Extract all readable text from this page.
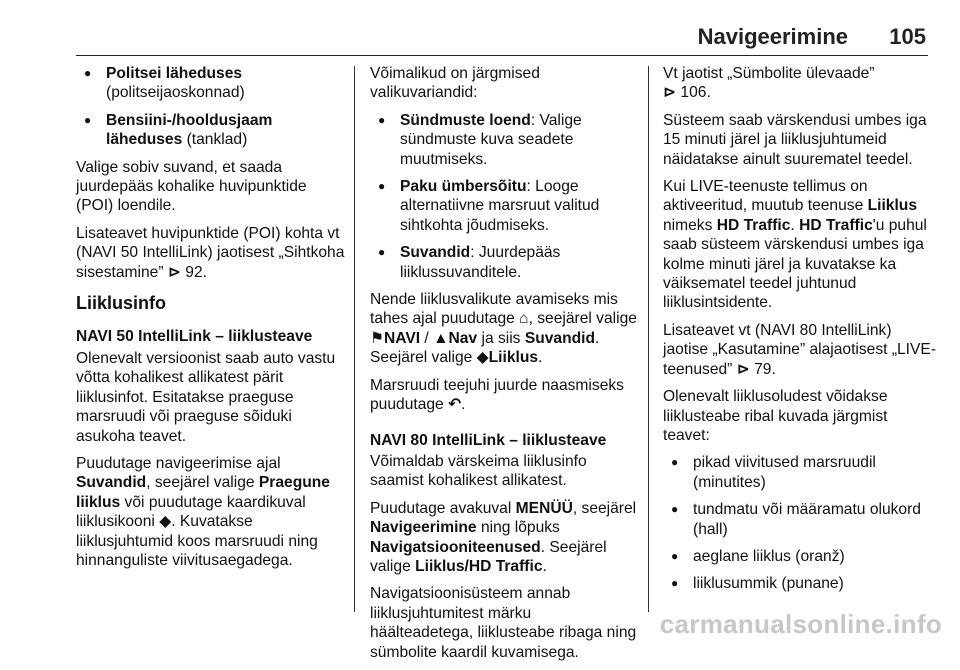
Navigeerimine 105
● Politsei läheduses
(politseijaoskonnad)
● Bensiini-/hooldusjaam läheduses (tanklad)

Valige sobiv suvand, et saada juurdepääs kohalike huvipunktide (POI) loendile.

Lisateavet huvipunktide (POI) kohta vt (NAVI 50 IntelliLink) jaotisest „Sihtkoha sisestamine” ⊳ 92.

Liiklusinfo
NAVI 50 IntelliLink – liiklusteave

Olenevalt versioonist saab auto vastu võtta kohalikest allikatest pärit liiklusinfot. Esitatakse praeguse marsruudi või praeguse sõiduki asukoha teavet.

Puudutage navigeerimise ajal Suvandid, seejärel valige Praegune liiklus või puudutage kaardikuval liiklusikooni ◆. Kuvatakse liiklusjuhtumid koos marsruudi ning hinnanguliste viivitusaegadega.

Võimalikud on järgmised valikuvariandid:

● Sündmuste loend: Valige sündmuste kuva seadete muutmiseks.
● Paku ümbersõitu: Looge alternatiivne marsruut valitud sihtkohta jõudmiseks.
● Suvandid: Juurdepääs liiklussuvanditele.

Nende liiklusvalikute avamiseks mis tahes ajal puudutage ⌂, seejärel valige ⚑NAVI / ▲Nav ja siis Suvandid. Seejärel valige ◆Liiklus.

Marsruudi teejuhi juurde naasmiseks puudutage ↶.

NAVI 80 IntelliLink – liiklusteave

Võimaldab värskeima liiklusinfo saamist kohalikest allikatest.

Puudutage avakuval MENÜÜ, seejärel Navigeerimine ning lõpuks Navigatsiooniteenused. Seejärel valige Liiklus/HD Traffic.

Navigatsioonisüsteem annab liiklusjuhtumitest märku häälteadetega, liiklusteabe ribaga ning sümbolite kaardil kuvamisega.

Vt jaotist „Sümbolite ülevaade”
⊳ 106.

Süsteem saab värskendusi umbes iga 15 minuti järel ja liiklusjuhtumeid näidatakse ainult suurematel teedel.

Kui LIVE-teenuste tellimus on aktiveeritud, muutub teenuse Liiklus nimeks HD Traffic. HD Traffic'u puhul saab süsteem värskendusi umbes iga kolme minuti järel ja kuvatakse ka väiksematel teedel juhtunud liiklusintsidente.

Lisateavet vt (NAVI 80 IntelliLink) jaotise „Kasutamine” alajaotisest „LIVE-teenused” ⊳ 79.

Olenevalt liiklusoludest võidakse liiklusteabe ribal kuvada järgmist teavet:

● pikad viivitused marsruudil (minutites)
● tundmatu või määramatu olukord (hall)
● aeglane liiklus (oranž)
● liiklusummik (punane)
carmanualsonline.info
